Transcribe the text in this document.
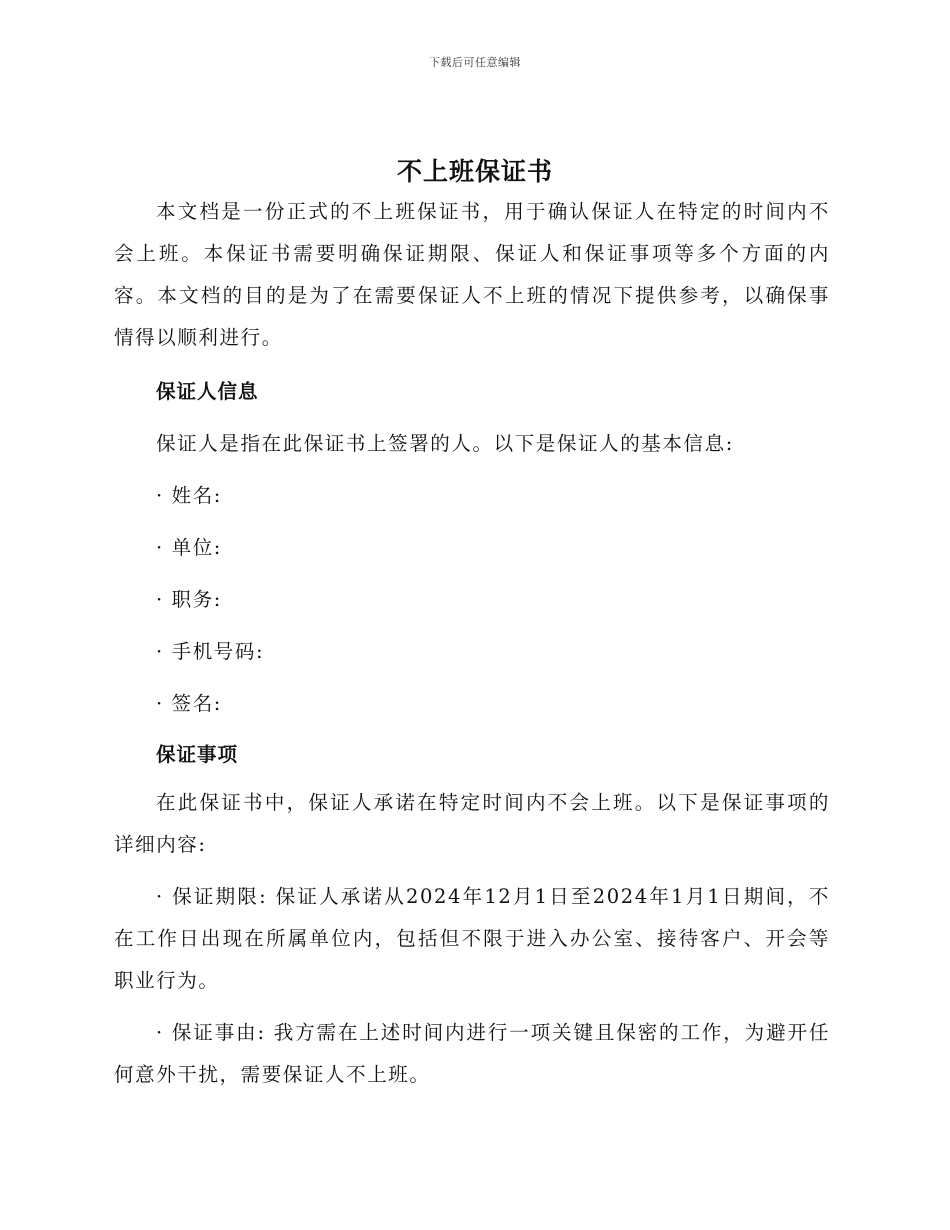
下载后可任意编辑
不上班保证书

本文档是一份正式的不上班保证书，用于确认保证人在特定的时间内不会上班。本保证书需要明确保证期限、保证人和保证事项等多个方面的内容。本文档的目的是为了在需要保证人不上班的情况下提供参考，以确保事情得以顺利进行。

保证人信息

保证人是指在此保证书上签署的人。以下是保证人的基本信息:

· 姓名:

· 单位:

· 职务:

· 手机号码:

· 签名:

保证事项

在此保证书中，保证人承诺在特定时间内不会上班。以下是保证事项的详细内容:

· 保证期限: 保证人承诺从2024年12月1日至2024年1月1日期间，不在工作日出现在所属单位内，包括但不限于进入办公室、接待客户、开会等职业行为。

· 保证事由: 我方需在上述时间内进行一项关键且保密的工作，为避开任何意外干扰，需要保证人不上班。
